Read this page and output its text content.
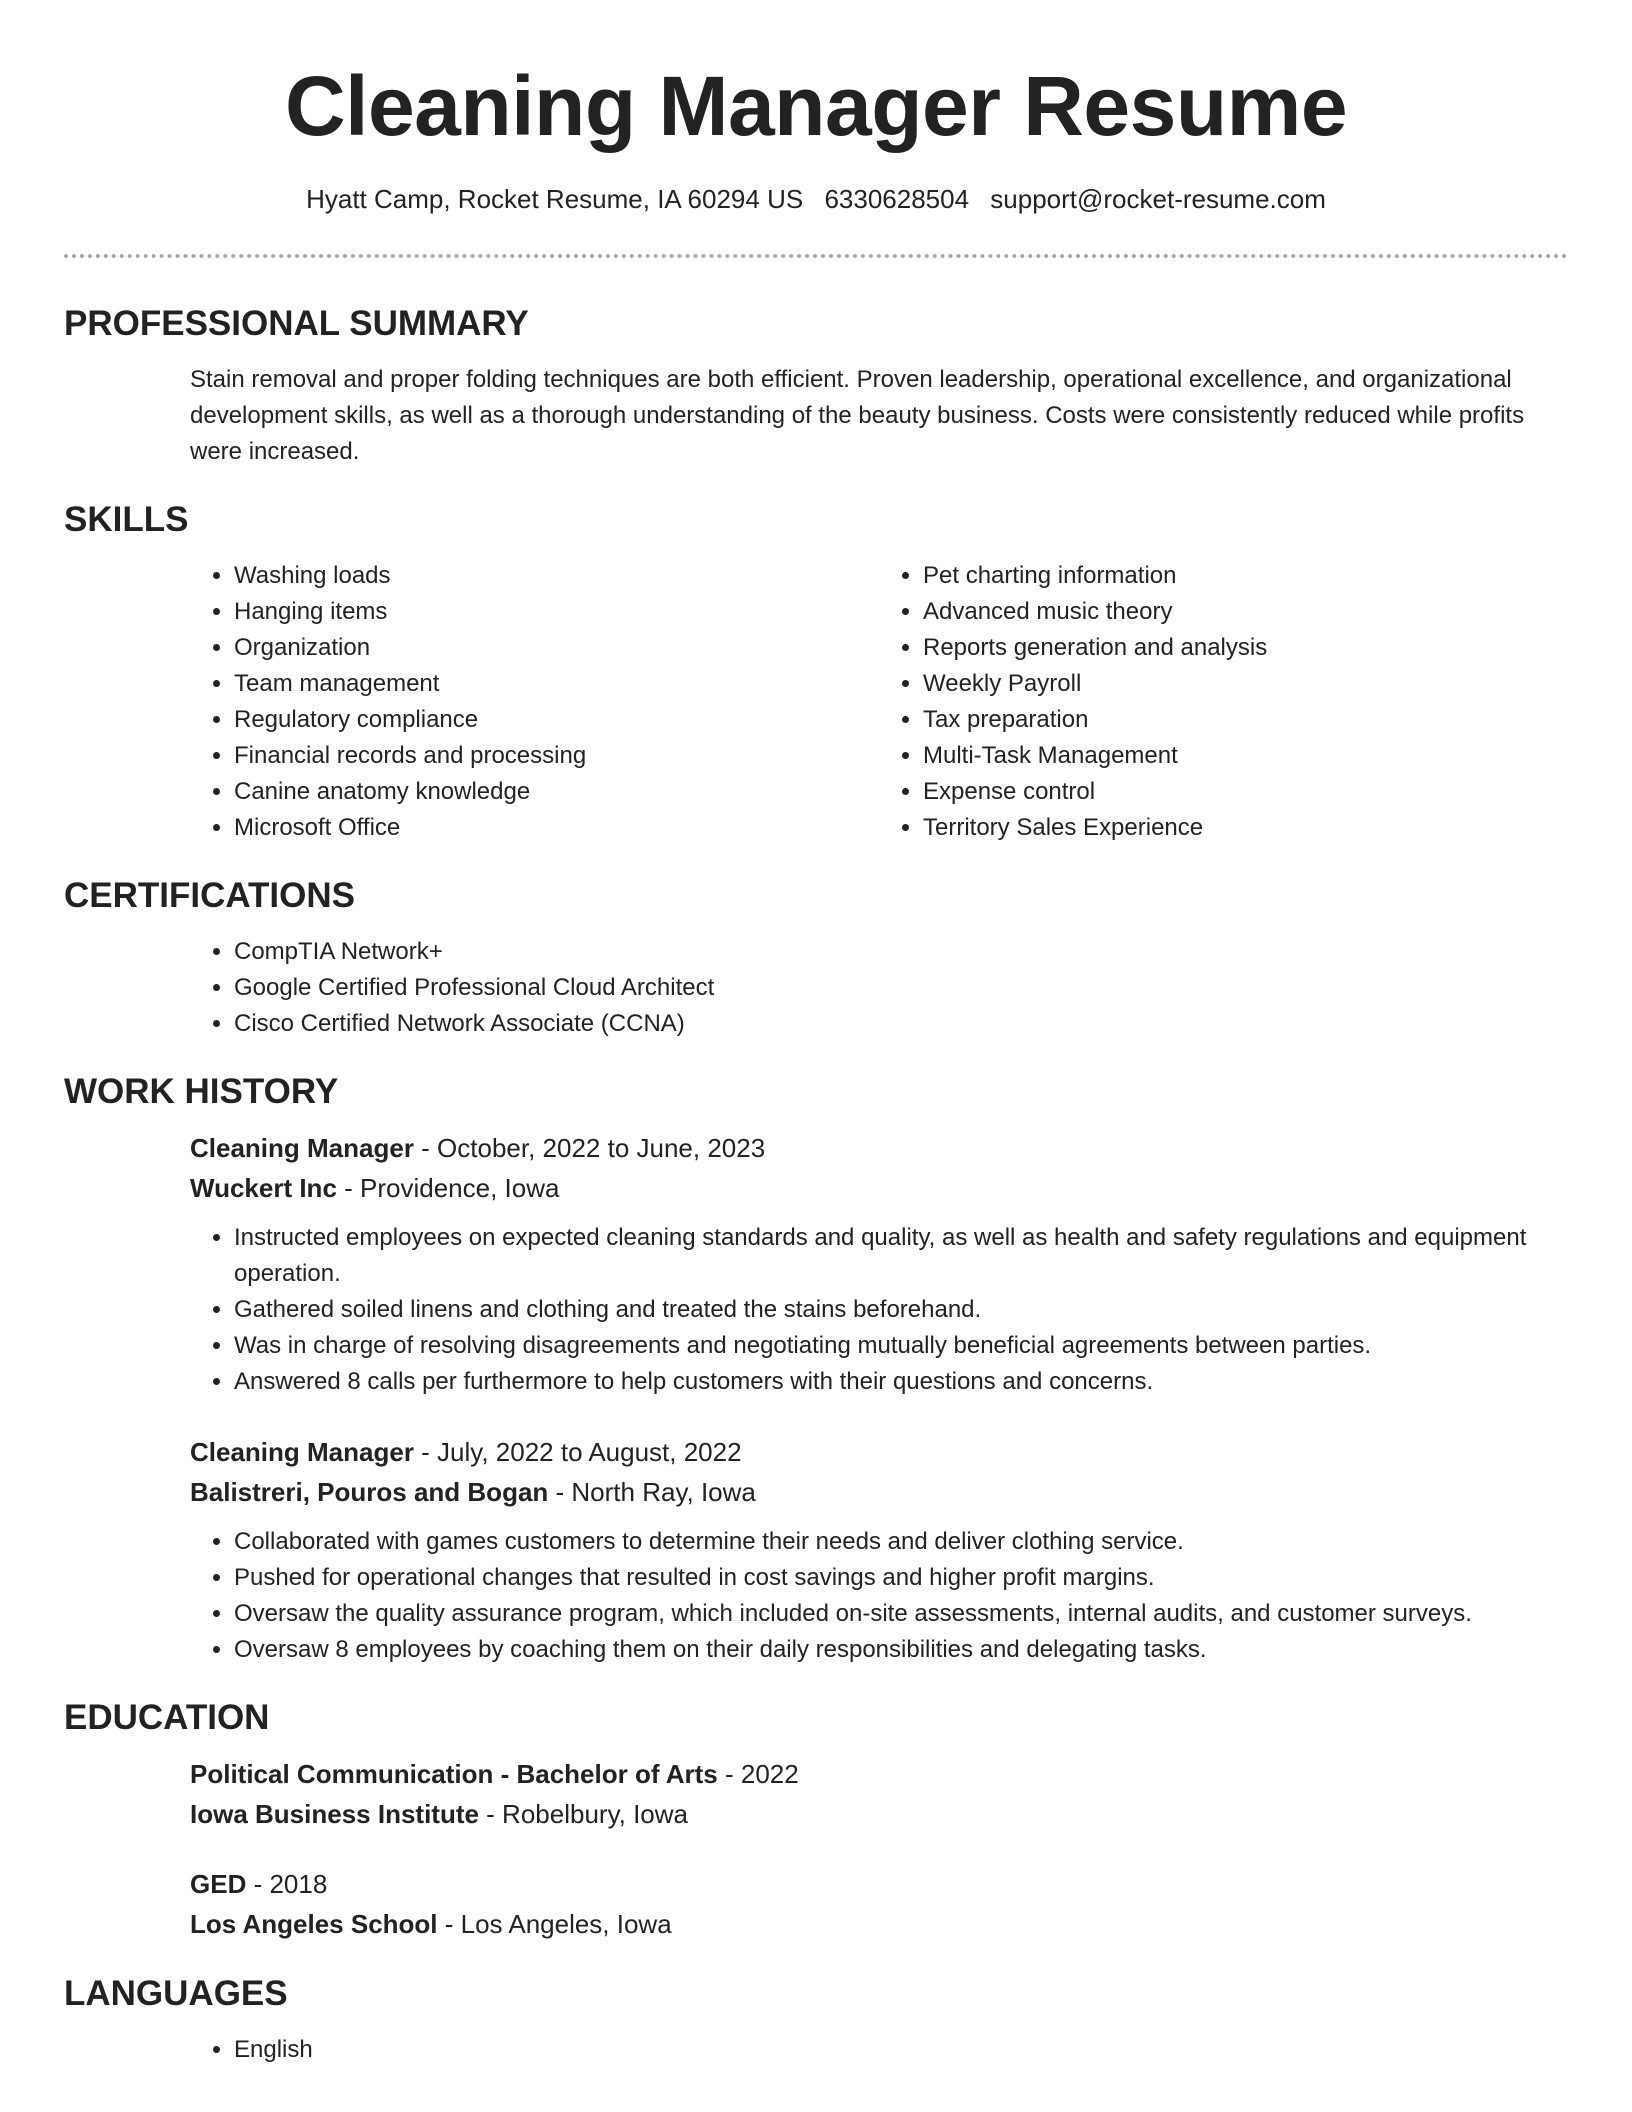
Cleaning Manager Resume
Hyatt Camp, Rocket Resume, IA 60294 US 6330628504 support@rocket-resume.com
PROFESSIONAL SUMMARY

Stain removal and proper folding techniques are both efficient. Proven leadership, operational excellence, and organizational development skills, as well as a thorough understanding of the beauty business. Costs were consistently reduced while profits were increased.

SKILLS
• Washing loads
• Hanging items
• Organization
• Team management
• Regulatory compliance
• Financial records and processing
• Canine anatomy knowledge
• Microsoft Office
• Pet charting information
• Advanced music theory
• Reports generation and analysis
• Weekly Payroll
• Tax preparation
• Multi-Task Management
• Expense control
• Territory Sales Experience
CERTIFICATIONS
• CompTIA Network+
• Google Certified Professional Cloud Architect
• Cisco Certified Network Associate (CCNA)
WORK HISTORY
Cleaning Manager - October, 2022 to June, 2023
Wuckert Inc - Providence, Iowa
• Instructed employees on expected cleaning standards and quality, as well as health and safety regulations and equipment operation.
• Gathered soiled linens and clothing and treated the stains beforehand.
• Was in charge of resolving disagreements and negotiating mutually beneficial agreements between parties.
• Answered 8 calls per furthermore to help customers with their questions and concerns.
Cleaning Manager - July, 2022 to August, 2022
Balistreri, Pouros and Bogan - North Ray, Iowa
• Collaborated with games customers to determine their needs and deliver clothing service.
• Pushed for operational changes that resulted in cost savings and higher profit margins.
• Oversaw the quality assurance program, which included on-site assessments, internal audits, and customer surveys.
• Oversaw 8 employees by coaching them on their daily responsibilities and delegating tasks.
EDUCATION
Political Communication - Bachelor of Arts - 2022
Iowa Business Institute - Robelbury, Iowa
GED - 2018
Los Angeles School - Los Angeles, Iowa
LANGUAGES
• English
